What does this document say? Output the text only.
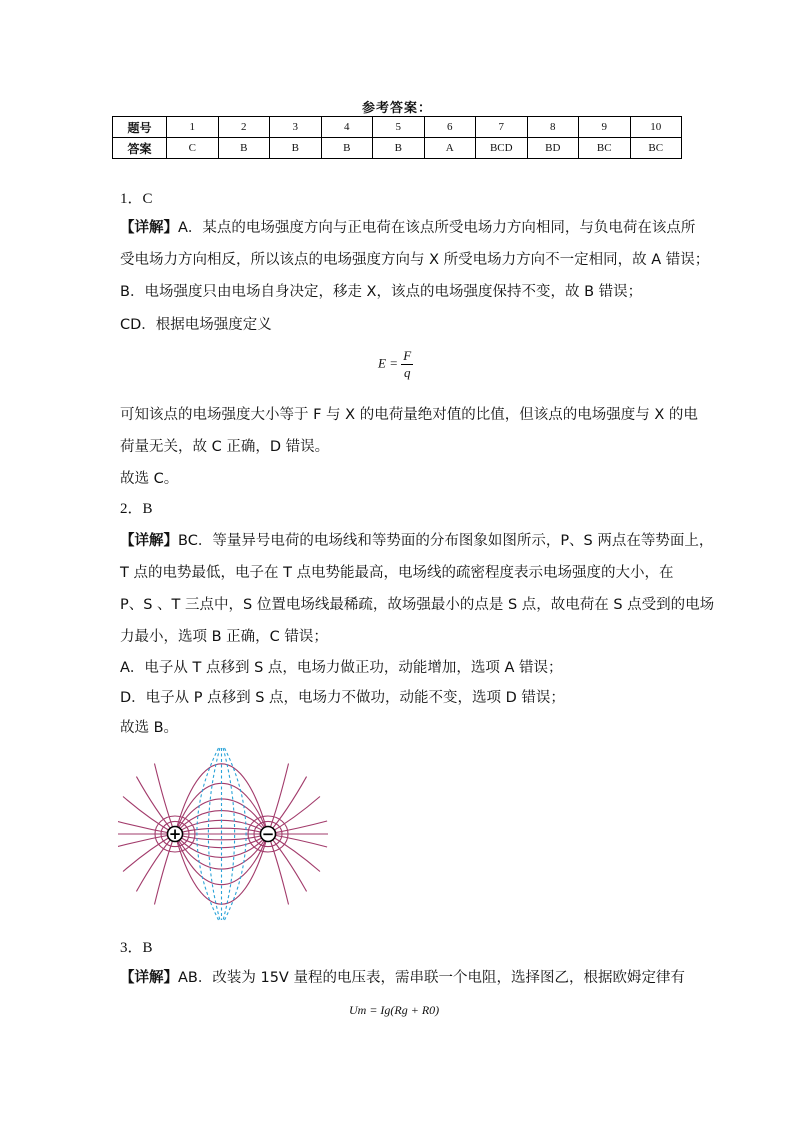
参考答案：
题号	1	2	3	4	5	6	7	8	9	10
答案	C	B	B	B	B	A	BCD	BD	BC	BC
1．C
【详解】A．某点的电场强度方向与正电荷在该点所受电场力方向相同，与负电荷在该点所
受电场力方向相反，所以该点的电场强度方向与 X 所受电场力方向不一定相同，故 A 错误；
B．电场强度只由电场自身决定，移走 X，该点的电场强度保持不变，故 B 错误；
CD．根据电场强度定义
$E = \frac{F}{q}$
可知该点的电场强度大小等于 F 与 X 的电荷量绝对值的比值，但该点的电场强度与 X 的电
荷量无关，故 C 正确，D 错误。
故选 C。
2．B
【详解】BC．等量异号电荷的电场线和等势面的分布图象如图所示，P、S 两点在等势面上，
T 点的电势最低，电子在 T 点电势能最高，电场线的疏密程度表示电场强度的大小，在
P、S 、T 三点中，S 位置电场线最稀疏，故场强最小的点是 S 点，故电荷在 S 点受到的电场
力最小，选项 B 正确，C 错误；
A．电子从 T 点移到 S 点，电场力做正功，动能增加，选项 A 错误；
D．电子从 P 点移到 S 点，电场力不做功，动能不变，选项 D 错误；
故选 B。
+	−
3．B
【详解】AB．改装为 15V 量程的电压表，需串联一个电阻，选择图乙，根据欧姆定律有
Um = Ig(Rg + R0)
